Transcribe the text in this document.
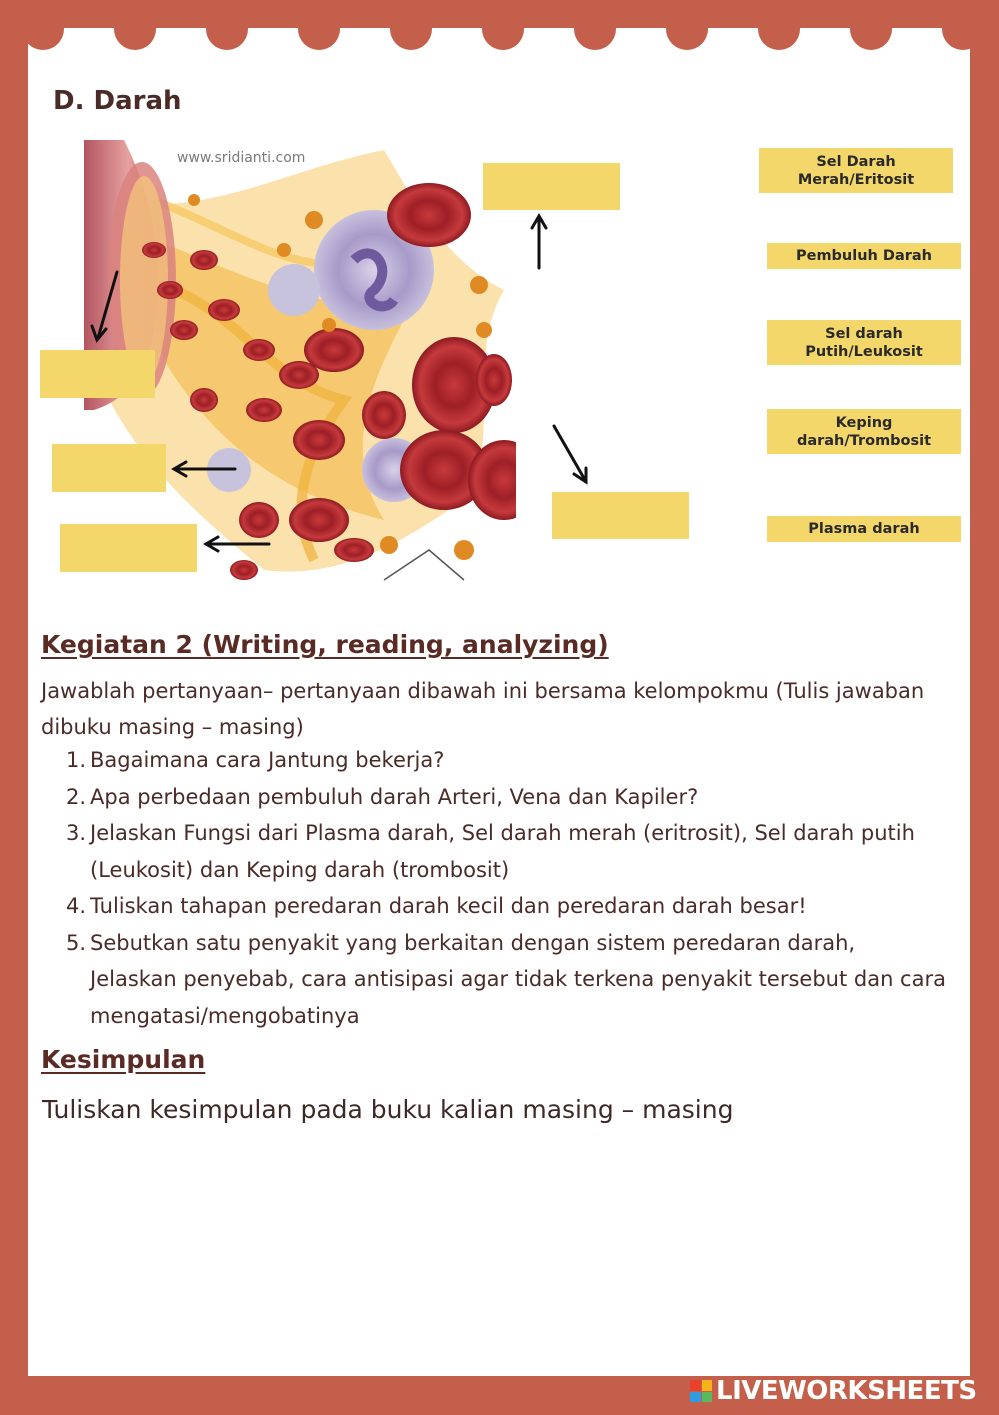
D. Darah
www.sridianti.com	Sel Darah
Merah/Eritosit
Pembuluh Darah
Sel darah
Putih/Leukosit
Keping
darah/Trombosit
Plasma darah
Kegiatan 2 (Writing, reading, analyzing)

Jawablah pertanyaan– pertanyaan dibawah ini bersama kelompokmu (Tulis jawaban dibuku masing – masing)

1. Bagaimana cara Jantung bekerja?
2. Apa perbedaan pembuluh darah Arteri, Vena dan Kapiler?
3. Jelaskan Fungsi dari Plasma darah, Sel darah merah (eritrosit), Sel darah putih (Leukosit) dan Keping darah (trombosit)
4. Tuliskan tahapan peredaran darah kecil dan peredaran darah besar!
5. Sebutkan satu penyakit yang berkaitan dengan sistem peredaran darah, Jelaskan penyebab, cara antisipasi agar tidak terkena penyakit tersebut dan cara mengatasi/mengobatinya
Kesimpulan

Tuliskan kesimpulan pada buku kalian masing – masing

LIVEWORKSHEETS
